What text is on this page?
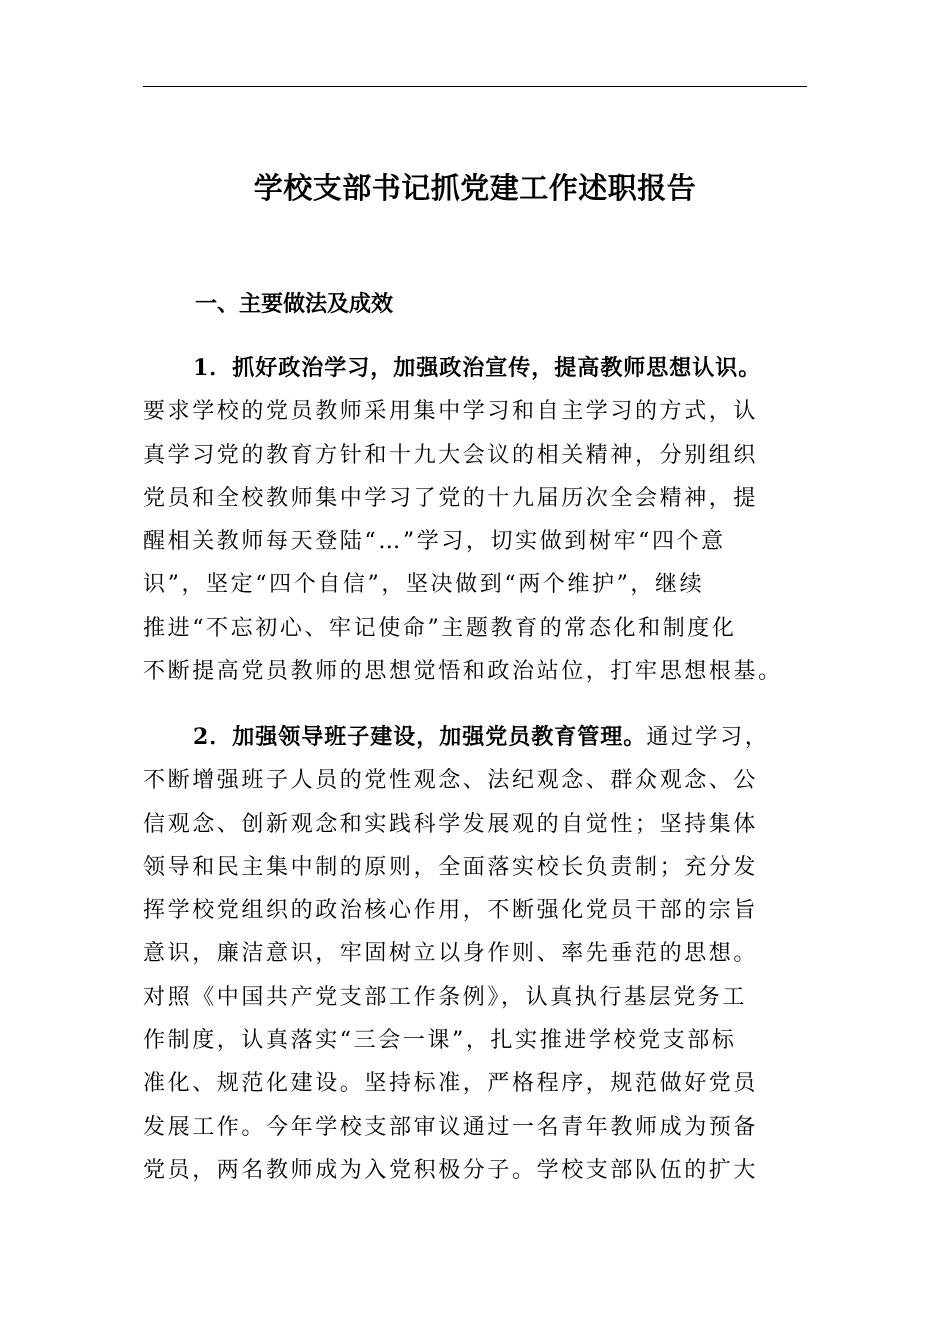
学校支部书记抓党建工作述职报告
一、主要做法及成效
1．抓好政治学习，加强政治宣传，提高教师思想认识。
要求学校的党员教师采用集中学习和自主学习的方式，认
真学习党的教育方针和十九大会议的相关精神，分别组织
党员和全校教师集中学习了党的十九届历次全会精神，提
醒相关教师每天登陆“…”学习，切实做到树牢“四个意
识”，坚定“四个自信”，坚决做到“两个维护”，继续
推进“不忘初心、牢记使命”主题教育的常态化和制度化
不断提高党员教师的思想觉悟和政治站位，打牢思想根基。
2．加强领导班子建设，加强党员教育管理。通过学习，
不断增强班子人员的党性观念、法纪观念、群众观念、公
信观念、创新观念和实践科学发展观的自觉性；坚持集体
领导和民主集中制的原则，全面落实校长负责制；充分发
挥学校党组织的政治核心作用，不断强化党员干部的宗旨
意识，廉洁意识，牢固树立以身作则、率先垂范的思想。
对照《中国共产党支部工作条例》，认真执行基层党务工
作制度，认真落实“三会一课”，扎实推进学校党支部标
准化、规范化建设。坚持标准，严格程序，规范做好党员
发展工作。今年学校支部审议通过一名青年教师成为预备
党员，两名教师成为入党积极分子。学校支部队伍的扩大
